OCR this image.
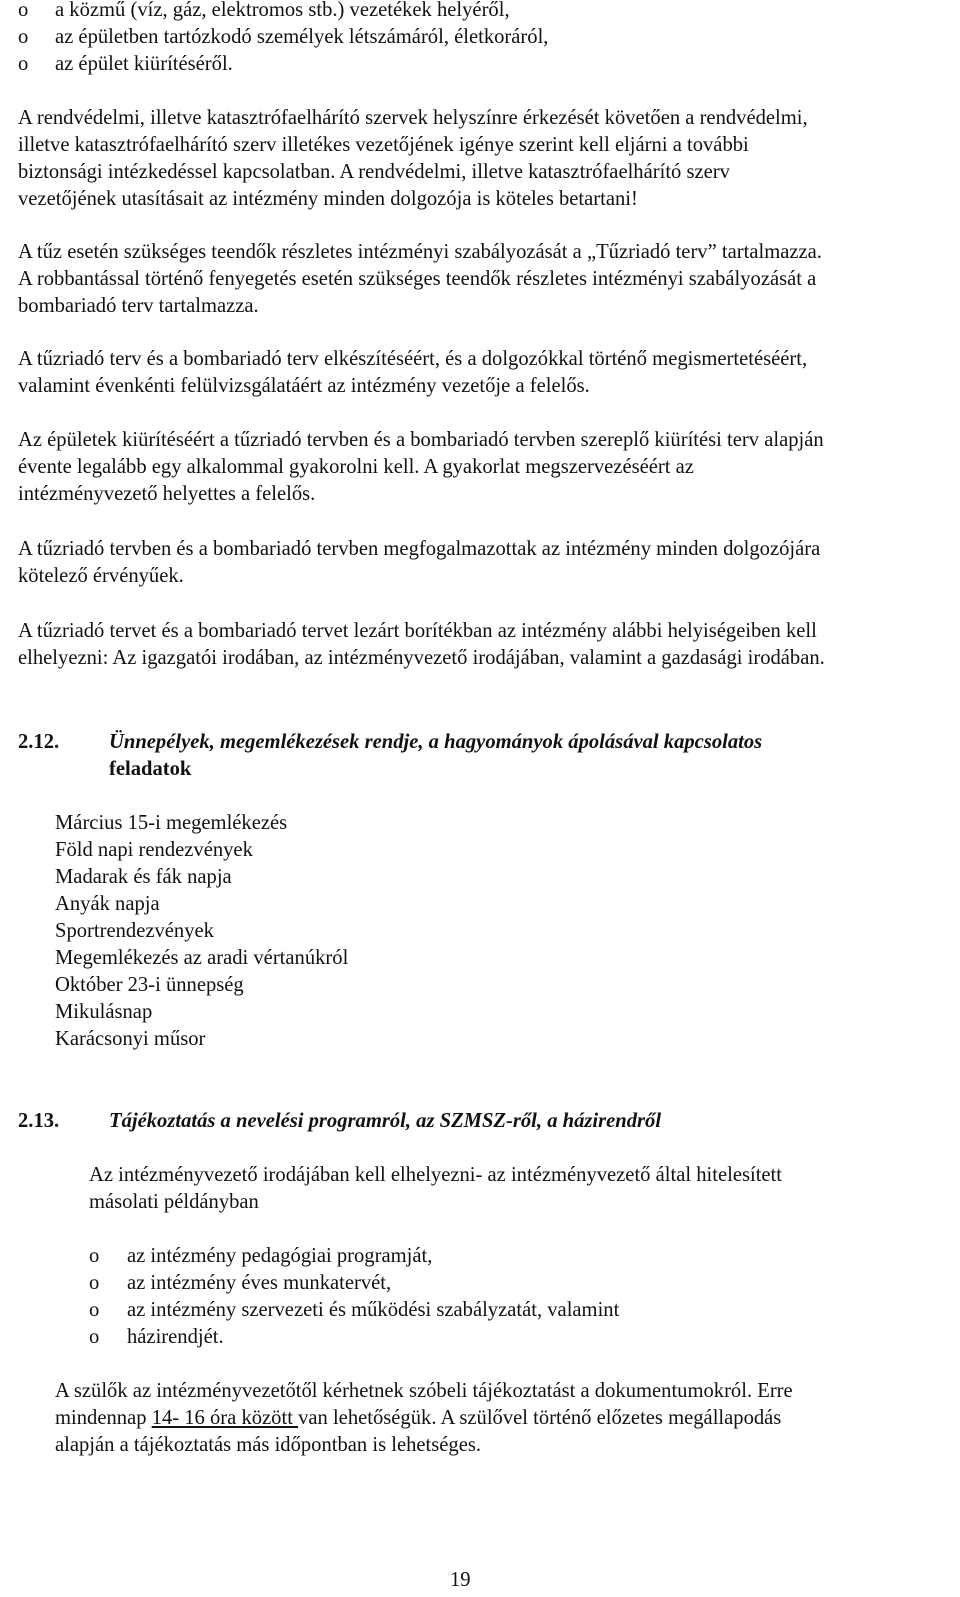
o a közmű (víz, gáz, elektromos stb.) vezetékek helyéről,
o az épületben tartózkodó személyek létszámáról, életkoráról,
o az épület kiürítéséről.

A rendvédelmi, illetve katasztrófaelhárító szervek helyszínre érkezését követően a rendvédelmi,
illetve katasztrófaelhárító szerv illetékes vezetőjének igénye szerint kell eljárni a további
biztonsági intézkedéssel kapcsolatban. A rendvédelmi, illetve katasztrófaelhárító szerv
vezetőjének utasításait az intézmény minden dolgozója is köteles betartani!

A tűz esetén szükséges teendők részletes intézményi szabályozását a „Tűzriadó terv” tartalmazza.
A robbantással történő fenyegetés esetén szükséges teendők részletes intézményi szabályozását a
bombariadó terv tartalmazza.

A tűzriadó terv és a bombariadó terv elkészítéséért, és a dolgozókkal történő megismertetéséért,
valamint évenkénti felülvizsgálatáért az intézmény vezetője a felelős.

Az épületek kiürítéséért a tűzriadó tervben és a bombariadó tervben szereplő kiürítési terv alapján
évente legalább egy alkalommal gyakorolni kell. A gyakorlat megszervezéséért az
intézményvezető helyettes a felelős.

A tűzriadó tervben és a bombariadó tervben megfogalmazottak az intézmény minden dolgozójára
kötelező érvényűek.

A tűzriadó tervet és a bombariadó tervet lezárt borítékban az intézmény alábbi helyiségeiben kell
elhelyezni: Az igazgatói irodában, az intézményvezető irodájában, valamint a gazdasági irodában.

2.12. Ünnepélyek, megemlékezések rendje, a hagyományok ápolásával kapcsolatos
feladatok
Március 15-i megemlékezés
Föld napi rendezvények
Madarak és fák napja
Anyák napja
Sportrendezvények
Megemlékezés az aradi vértanúkról
Október 23-i ünnepség
Mikulásnap
Karácsonyi műsor
2.13. Tájékoztatás a nevelési programról, az SZMSZ-ről, a házirendről

Az intézményvezető irodájában kell elhelyezni- az intézményvezető által hitelesített
másolati példányban

o az intézmény pedagógiai programját,
o az intézmény éves munkatervét,
o az intézmény szervezeti és működési szabályzatát, valamint
o házirendjét.

A szülők az intézményvezetőtől kérhetnek szóbeli tájékoztatást a dokumentumokról. Erre
mindennap 14- 16 óra között van lehetőségük. A szülővel történő előzetes megállapodás
alapján a tájékoztatás más időpontban is lehetséges.

19
